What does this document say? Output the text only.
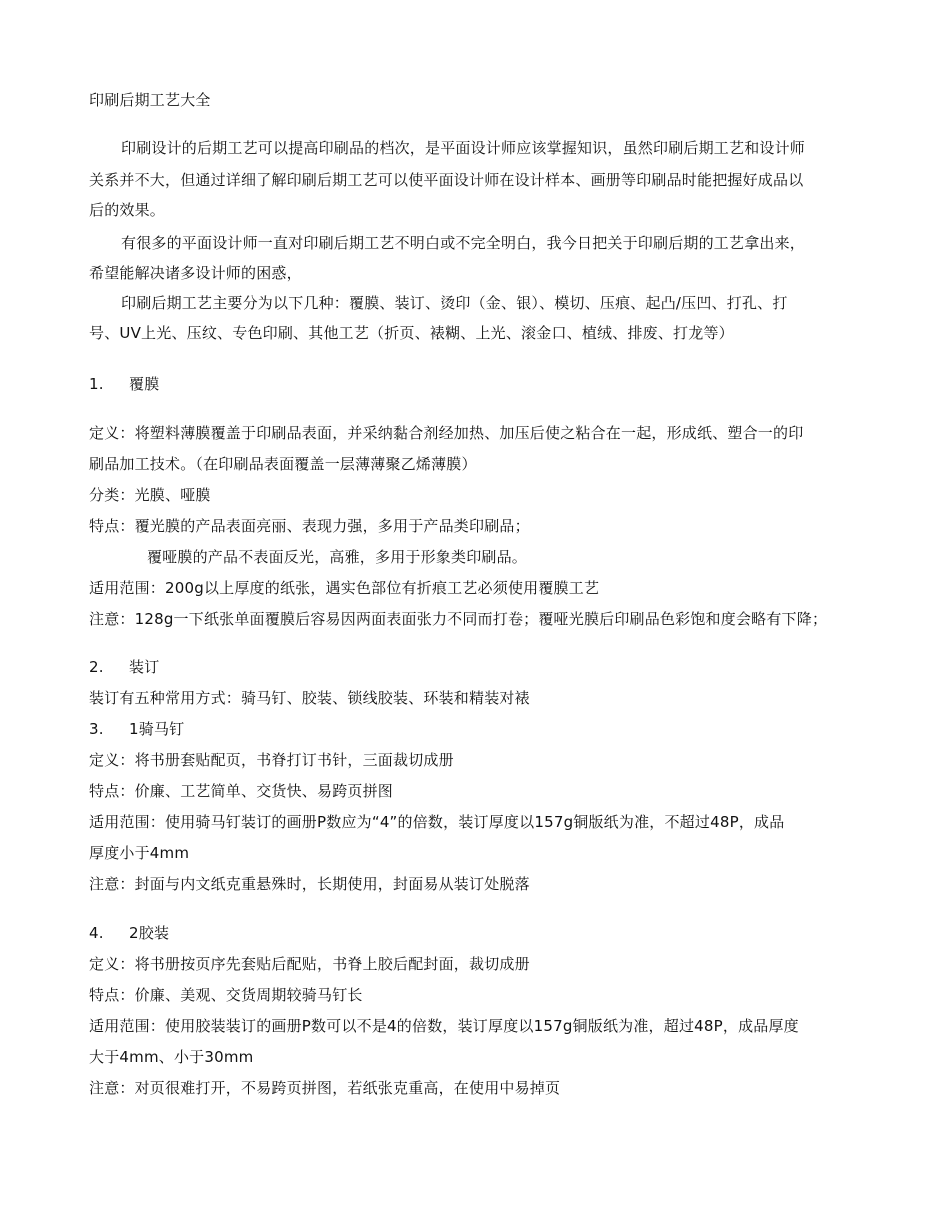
印刷后期工艺大全
印刷设计的后期工艺可以提高印刷品的档次，是平面设计师应该掌握知识，虽然印刷后期工艺和设计师
关系并不大，但通过详细了解印刷后期工艺可以使平面设计师在设计样本、画册等印刷品时能把握好成品以
后的效果。
有很多的平面设计师一直对印刷后期工艺不明白或不完全明白，我今日把关于印刷后期的工艺拿出来，
希望能解决诸多设计师的困惑，
印刷后期工艺主要分为以下几种：覆膜、装订、烫印（金、银）、模切、压痕、起凸/压凹、打孔、打
号、UV上光、压纹、专色印刷、其他工艺（折页、裱糊、上光、滚金口、植绒、排废、打龙等）
1. 覆膜
定义：将塑料薄膜覆盖于印刷品表面，并采纳黏合剂经加热、加压后使之粘合在一起，形成纸、塑合一的印
刷品加工技术。（在印刷品表面覆盖一层薄薄聚乙烯薄膜）
分类：光膜、哑膜
特点：覆光膜的产品表面亮丽、表现力强，多用于产品类印刷品；
覆哑膜的产品不表面反光，高雅，多用于形象类印刷品。
适用范围：200g以上厚度的纸张，遇实色部位有折痕工艺必须使用覆膜工艺
注意：128g一下纸张单面覆膜后容易因两面表面张力不同而打卷；覆哑光膜后印刷品色彩饱和度会略有下降；
2. 装订
装订有五种常用方式：骑马钉、胶装、锁线胶装、环装和精装对裱
3. 1骑马钉
定义：将书册套贴配页，书脊打订书针，三面裁切成册
特点：价廉、工艺简单、交货快、易跨页拼图
适用范围：使用骑马钉装订的画册P数应为“4”的倍数，装订厚度以157g铜版纸为准，不超过48P，成品
厚度小于4mm
注意：封面与内文纸克重悬殊时，长期使用，封面易从装订处脱落
4. 2胶装
定义：将书册按页序先套贴后配贴，书脊上胶后配封面，裁切成册
特点：价廉、美观、交货周期较骑马钉长
适用范围：使用胶装装订的画册P数可以不是4的倍数，装订厚度以157g铜版纸为准，超过48P，成品厚度
大于4mm、小于30mm
注意：对页很难打开，不易跨页拼图，若纸张克重高，在使用中易掉页
